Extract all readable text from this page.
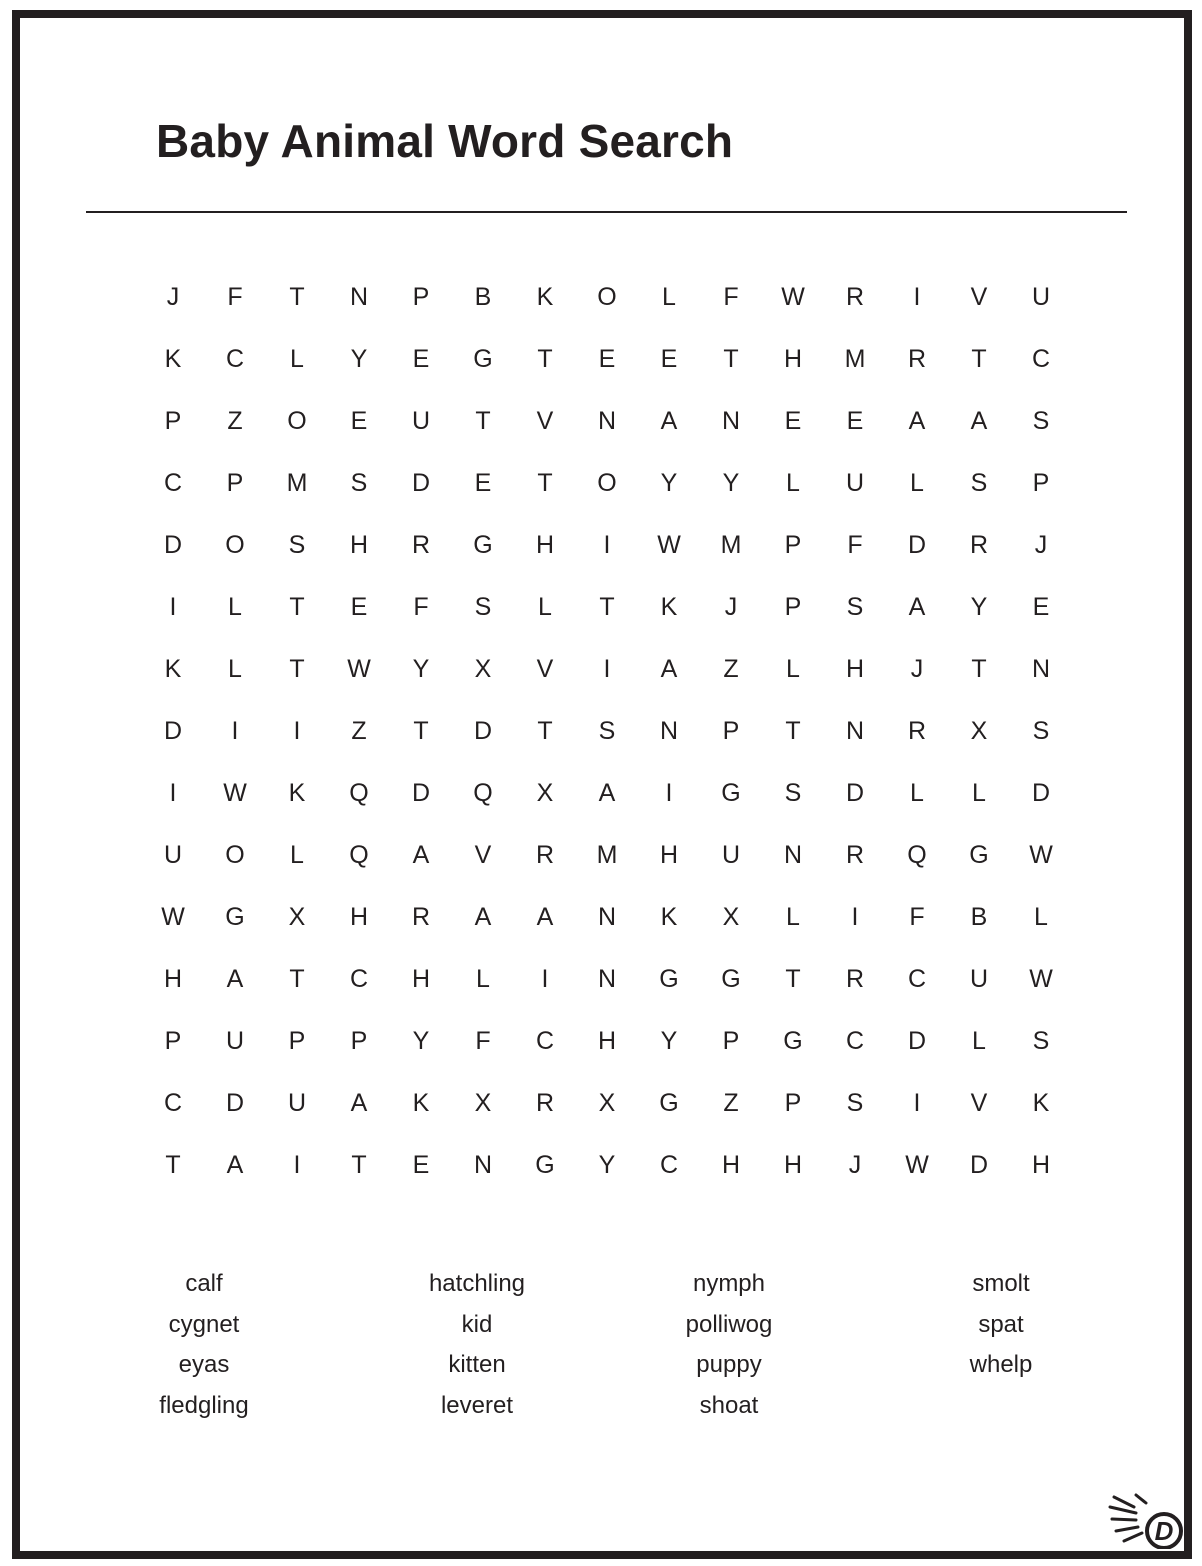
Baby Animal Word Search
J	F	T	N	P	B	K	O	L	F	W	R	I	V	U
K	C	L	Y	E	G	T	E	E	T	H	M	R	T	C
P	Z	O	E	U	T	V	N	A	N	E	E	A	A	S
C	P	M	S	D	E	T	O	Y	Y	L	U	L	S	P
D	O	S	H	R	G	H	I	W	M	P	F	D	R	J
I	L	T	E	F	S	L	T	K	J	P	S	A	Y	E
K	L	T	W	Y	X	V	I	A	Z	L	H	J	T	N
D	I	I	Z	T	D	T	S	N	P	T	N	R	X	S
I	W	K	Q	D	Q	X	A	I	G	S	D	L	L	D
U	O	L	Q	A	V	R	M	H	U	N	R	Q	G	W
W	G	X	H	R	A	A	N	K	X	L	I	F	B	L
H	A	T	C	H	L	I	N	G	G	T	R	C	U	W
P	U	P	P	Y	F	C	H	Y	P	G	C	D	L	S
C	D	U	A	K	X	R	X	G	Z	P	S	I	V	K
T	A	I	T	E	N	G	Y	C	H	H	J	W	D	H
calf
cygnet
eyas
fledgling
hatchling
kid
kitten
leveret
nymph
polliwog
puppy
shoat
smolt
spat
whelp
D
